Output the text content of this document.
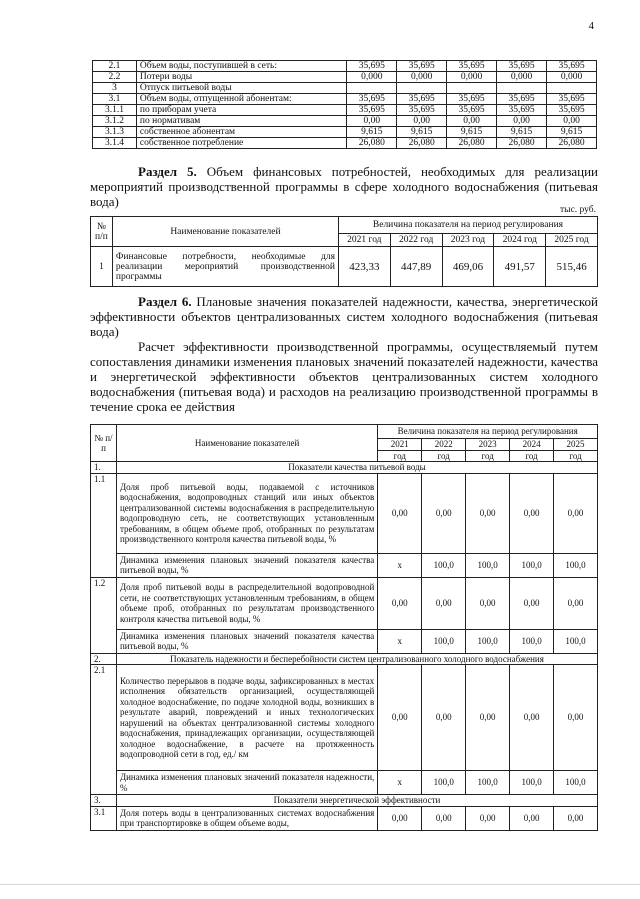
4
2.1	Объем воды, поступившей в сеть:	35,695	35,695	35,695	35,695	35,695
2.2	Потери воды	0,000	0,000	0,000	0,000	0,000
3	Отпуск питьевой воды					
3.1	Объем воды, отпущенной абонентам:	35,695	35,695	35,695	35,695	35,695
3.1.1	по приборам учета	35,695	35,695	35,695	35,695	35,695
3.1.2	по нормативам	0,00	0,00	0,00	0,00	0,00
3.1.3	собственное абонентам	9,615	9,615	9,615	9,615	9,615
3.1.4	собственное потребление	26,080	26,080	26,080	26,080	26,080
Раздел 5. Объем финансовых потребностей, необходимых для реализации мероприятий производственной программы в сфере холодного водоснабжения (питьевая вода)
тыс. руб.
№ п/п	Наименование показателей	Величина показателя на период регулирования				
		2021 год	2022 год	2023 год	2024 год	2025 год
1	Финансовые потребности, необходимые для реализации мероприятий производственной программы	423,33	447,89	469,06	491,57	515,46
Раздел 6. Плановые значения показателей надежности, качества, энергетической эффективности объектов централизованных систем холодного водоснабжения (питьевая вода)
Расчет эффективности производственной программы, осуществляемый путем сопоставления динамики изменения плановых значений показателей надежности, качества и энергетической эффективности объектов централизованных систем холодного водоснабжения (питьевая вода) и расходов на реализацию производственной программы в течение срока ее действия
№ п/п	Наименование показателей	Величина показателя на период регулирования				
		2021	2022	2023	2024	2025
		год	год	год	год	год
1.	Показатели качества питьевой воды					
1.1	Доля проб питьевой воды, подаваемой с источников водоснабжения, водопроводных станций или иных объектов централизованной системы водоснабжения в распределительную водопроводную сеть, не соответствующих установленным требованиям, в общем объеме проб, отобранных по результатам производственного контроля качества питьевой воды, %	0,00	0,00	0,00	0,00	0,00
	Динамика изменения плановых значений показателя качества питьевой воды, %	х	100,0	100,0	100,0	100,0
1.2	Доля проб питьевой воды в распределительной водопроводной сети, не соответствующих установленным требованиям, в общем объеме проб, отобранных по результатам производственного контроля качества питьевой воды, %	0,00	0,00	0,00	0,00	0,00
	Динамика изменения плановых значений показателя качества питьевой воды, %	х	100,0	100,0	100,0	100,0
2.	Показатель надежности и бесперебойности систем централизованного холодного водоснабжения					
2.1	Количество перерывов в подаче воды, зафиксированных в местах исполнения обязательств организацией, осуществляющей холодное водоснабжение, по подаче холодной воды, возникших в результате аварий, повреждений и иных технологических нарушений на объектах централизованной системы холодного водоснабжения, принадлежащих организации, осуществляющей холодное водоснабжение, в расчете на протяженность водопроводной сети в год, ед./ км	0,00	0,00	0,00	0,00	0,00
	Динамика изменения плановых значений показателя надежности, %	х	100,0	100,0	100,0	100,0
3.	Показатели энергетической эффективности					
3.1	Доля потерь воды в централизованных системах водоснабжения при транспортировке в общем объеме воды,	0,00	0,00	0,00	0,00	0,00
